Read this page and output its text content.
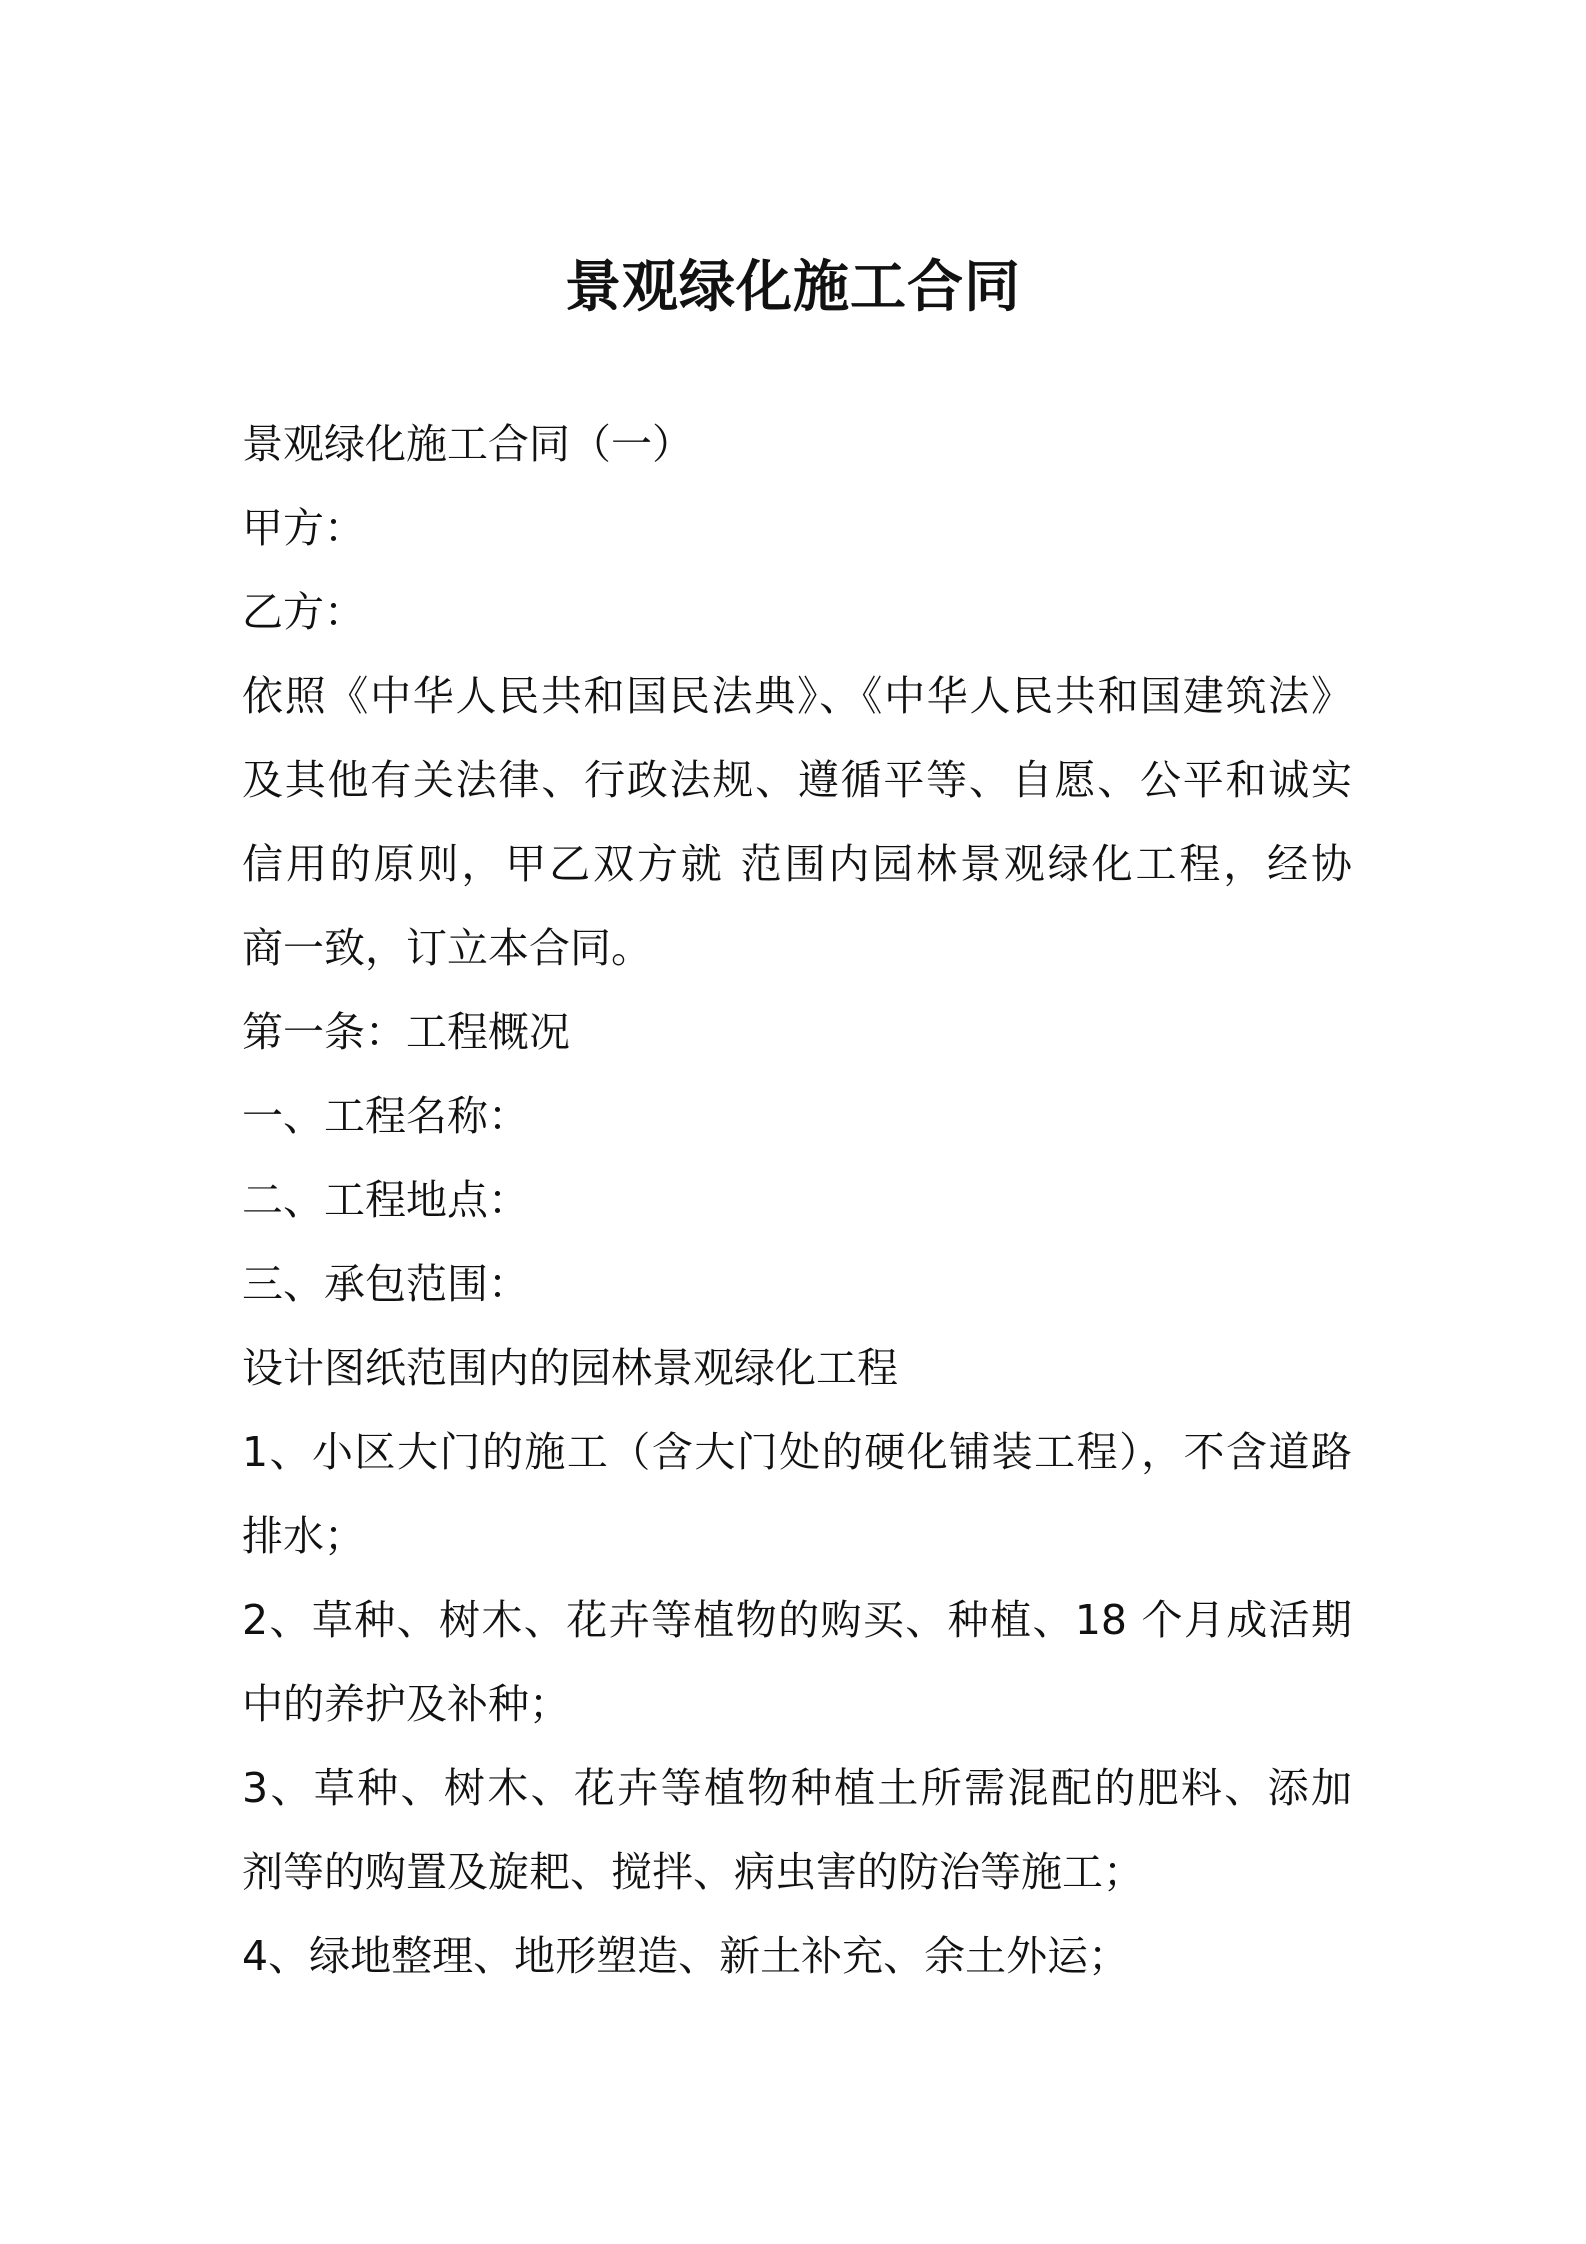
景观绿化施工合同
景观绿化施工合同（一）
甲方：
乙方：
依照《中华人民共和国民法典》、《中华人民共和国建筑法》
及其他有关法律、行政法规、遵循平等、自愿、公平和诚实
信用的原则，甲乙双方就 范围内园林景观绿化工程，经协
商一致，订立本合同。
第一条：工程概况
一、工程名称：
二、工程地点：
三、承包范围：
设计图纸范围内的园林景观绿化工程
1、小区大门的施工（含大门处的硬化铺装工程），不含道路
排水；
2、草种、树木、花卉等植物的购买、种植、18 个月成活期
中的养护及补种；
3、草种、树木、花卉等植物种植土所需混配的肥料、添加
剂等的购置及旋耙、搅拌、病虫害的防治等施工；
4、绿地整理、地形塑造、新土补充、余土外运；
